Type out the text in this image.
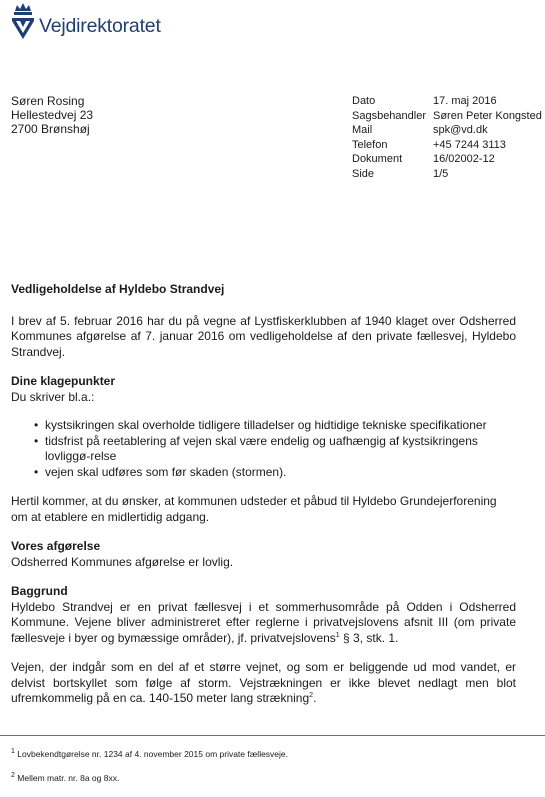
Vejdirektoratet
Søren Rosing
Hellestedvej 23
2700 Brønshøj
Dato	17. maj 2016
Sagsbehandler Søren Peter Kongsted
Mail	spk@vd.dk
Telefon	+45 7244 3113
Dokument	16/02002-12
Side	1/5
Vedligeholdelse af Hyldebo Strandvej

I brev af 5. februar 2016 har du på vegne af Lystfiskerklubben af 1940 klaget over Odsherred Kommunes afgørelse af 7. januar 2016 om vedligeholdelse af den private fællesvej, Hyldebo Strandvej.

Dine klagepunkter

Du skriver bl.a.:

• kystsikringen skal overholde tidligere tilladelser og hidtidige tekniske specifikationer
• tidsfrist på reetablering af vejen skal være endelig og uafhængig af kystsikringens lovliggø-relse
• vejen skal udføres som før skaden (stormen).

Hertil kommer, at du ønsker, at kommunen udsteder et påbud til Hyldebo Grundejerforening om at etablere en midlertidig adgang.

Vores afgørelse

Odsherred Kommunes afgørelse er lovlig.

Baggrund

Hyldebo Strandvej er en privat fællesvej i et sommerhusområde på Odden i Odsherred Kommune. Vejene bliver administreret efter reglerne i privatvejslovens afsnit III (om private fællesveje i byer og bymæssige områder), jf. privatvejslovens$^1$ § 3, stk. 1.

Vejen, der indgår som en del af et større vejnet, og som er beliggende ud mod vandet, er delvist bortskyllet som følge af storm. Vejstrækningen er ikke blevet nedlagt men blot ufremkommelig på en ca. 140-150 meter lang strækning$^2$.

$^1$ Lovbekendtgørelse nr. 1234 af 4. november 2015 om private fællesveje.
$^2$ Mellem matr. nr. 8a og 8xx.
